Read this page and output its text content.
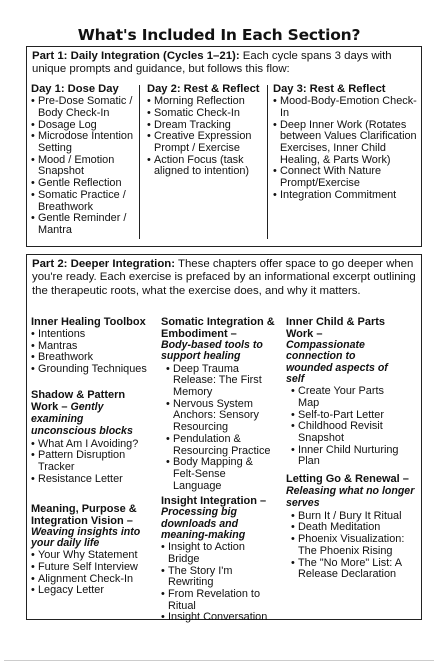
What's Included In Each Section?
Part 1: Daily Integration (Cycles 1–21): Each cycle spans 3 days with unique prompts and guidance, but follows this flow:
Day 1: Dose Day
• Pre-Dose Somatic / Body Check-In
• Dosage Log
• Microdose Intention Setting
• Mood / Emotion Snapshot
• Gentle Reflection
• Somatic Practice / Breathwork
• Gentle Reminder / Mantra
Day 2: Rest & Reflect
• Morning Reflection
• Somatic Check-In
• Dream Tracking
• Creative Expression Prompt / Exercise
• Action Focus (task aligned to intention)
Day 3: Rest & Reflect
• Mood-Body-Emotion Check-In
• Deep Inner Work (Rotates between Values Clarification Exercises, Inner Child Healing, & Parts Work)
• Connect With Nature Prompt/Exercise
• Integration Commitment
Part 2: Deeper Integration: These chapters offer space to go deeper when you're ready. Each exercise is prefaced by an informational excerpt outlining the therapeutic roots, what the exercise does, and why it matters.
Inner Healing Toolbox
• Intentions
• Mantras
• Breathwork
• Grounding Techniques
Shadow & Pattern Work – Gently examining unconscious blocks
• What Am I Avoiding?
• Pattern Disruption Tracker
• Resistance Letter
Meaning, Purpose & Integration Vision –
Weaving insights into your daily life
• Your Why Statement
• Future Self Interview
• Alignment Check-In
• Legacy Letter
Somatic Integration & Embodiment –
Body-based tools to support healing
• Deep Trauma Release: The First Memory
• Nervous System Anchors: Sensory Resourcing
• Pendulation & Resourcing Practice
• Body Mapping & Felt-Sense Language
Insight Integration –
Processing big downloads and meaning-making
• Insight to Action Bridge
• The Story I'm Rewriting
• From Revelation to Ritual
• Insight Conversation
Inner Child & Parts Work –
Compassionate connection to wounded aspects of self
• Create Your Parts Map
• Self-to-Part Letter
• Childhood Revisit Snapshot
• Inner Child Nurturing Plan
Letting Go & Renewal – Releasing what no longer serves
• Burn It / Bury It Ritual
• Death Meditation
• Phoenix Visualization: The Phoenix Rising
• The "No More" List: A Release Declaration
